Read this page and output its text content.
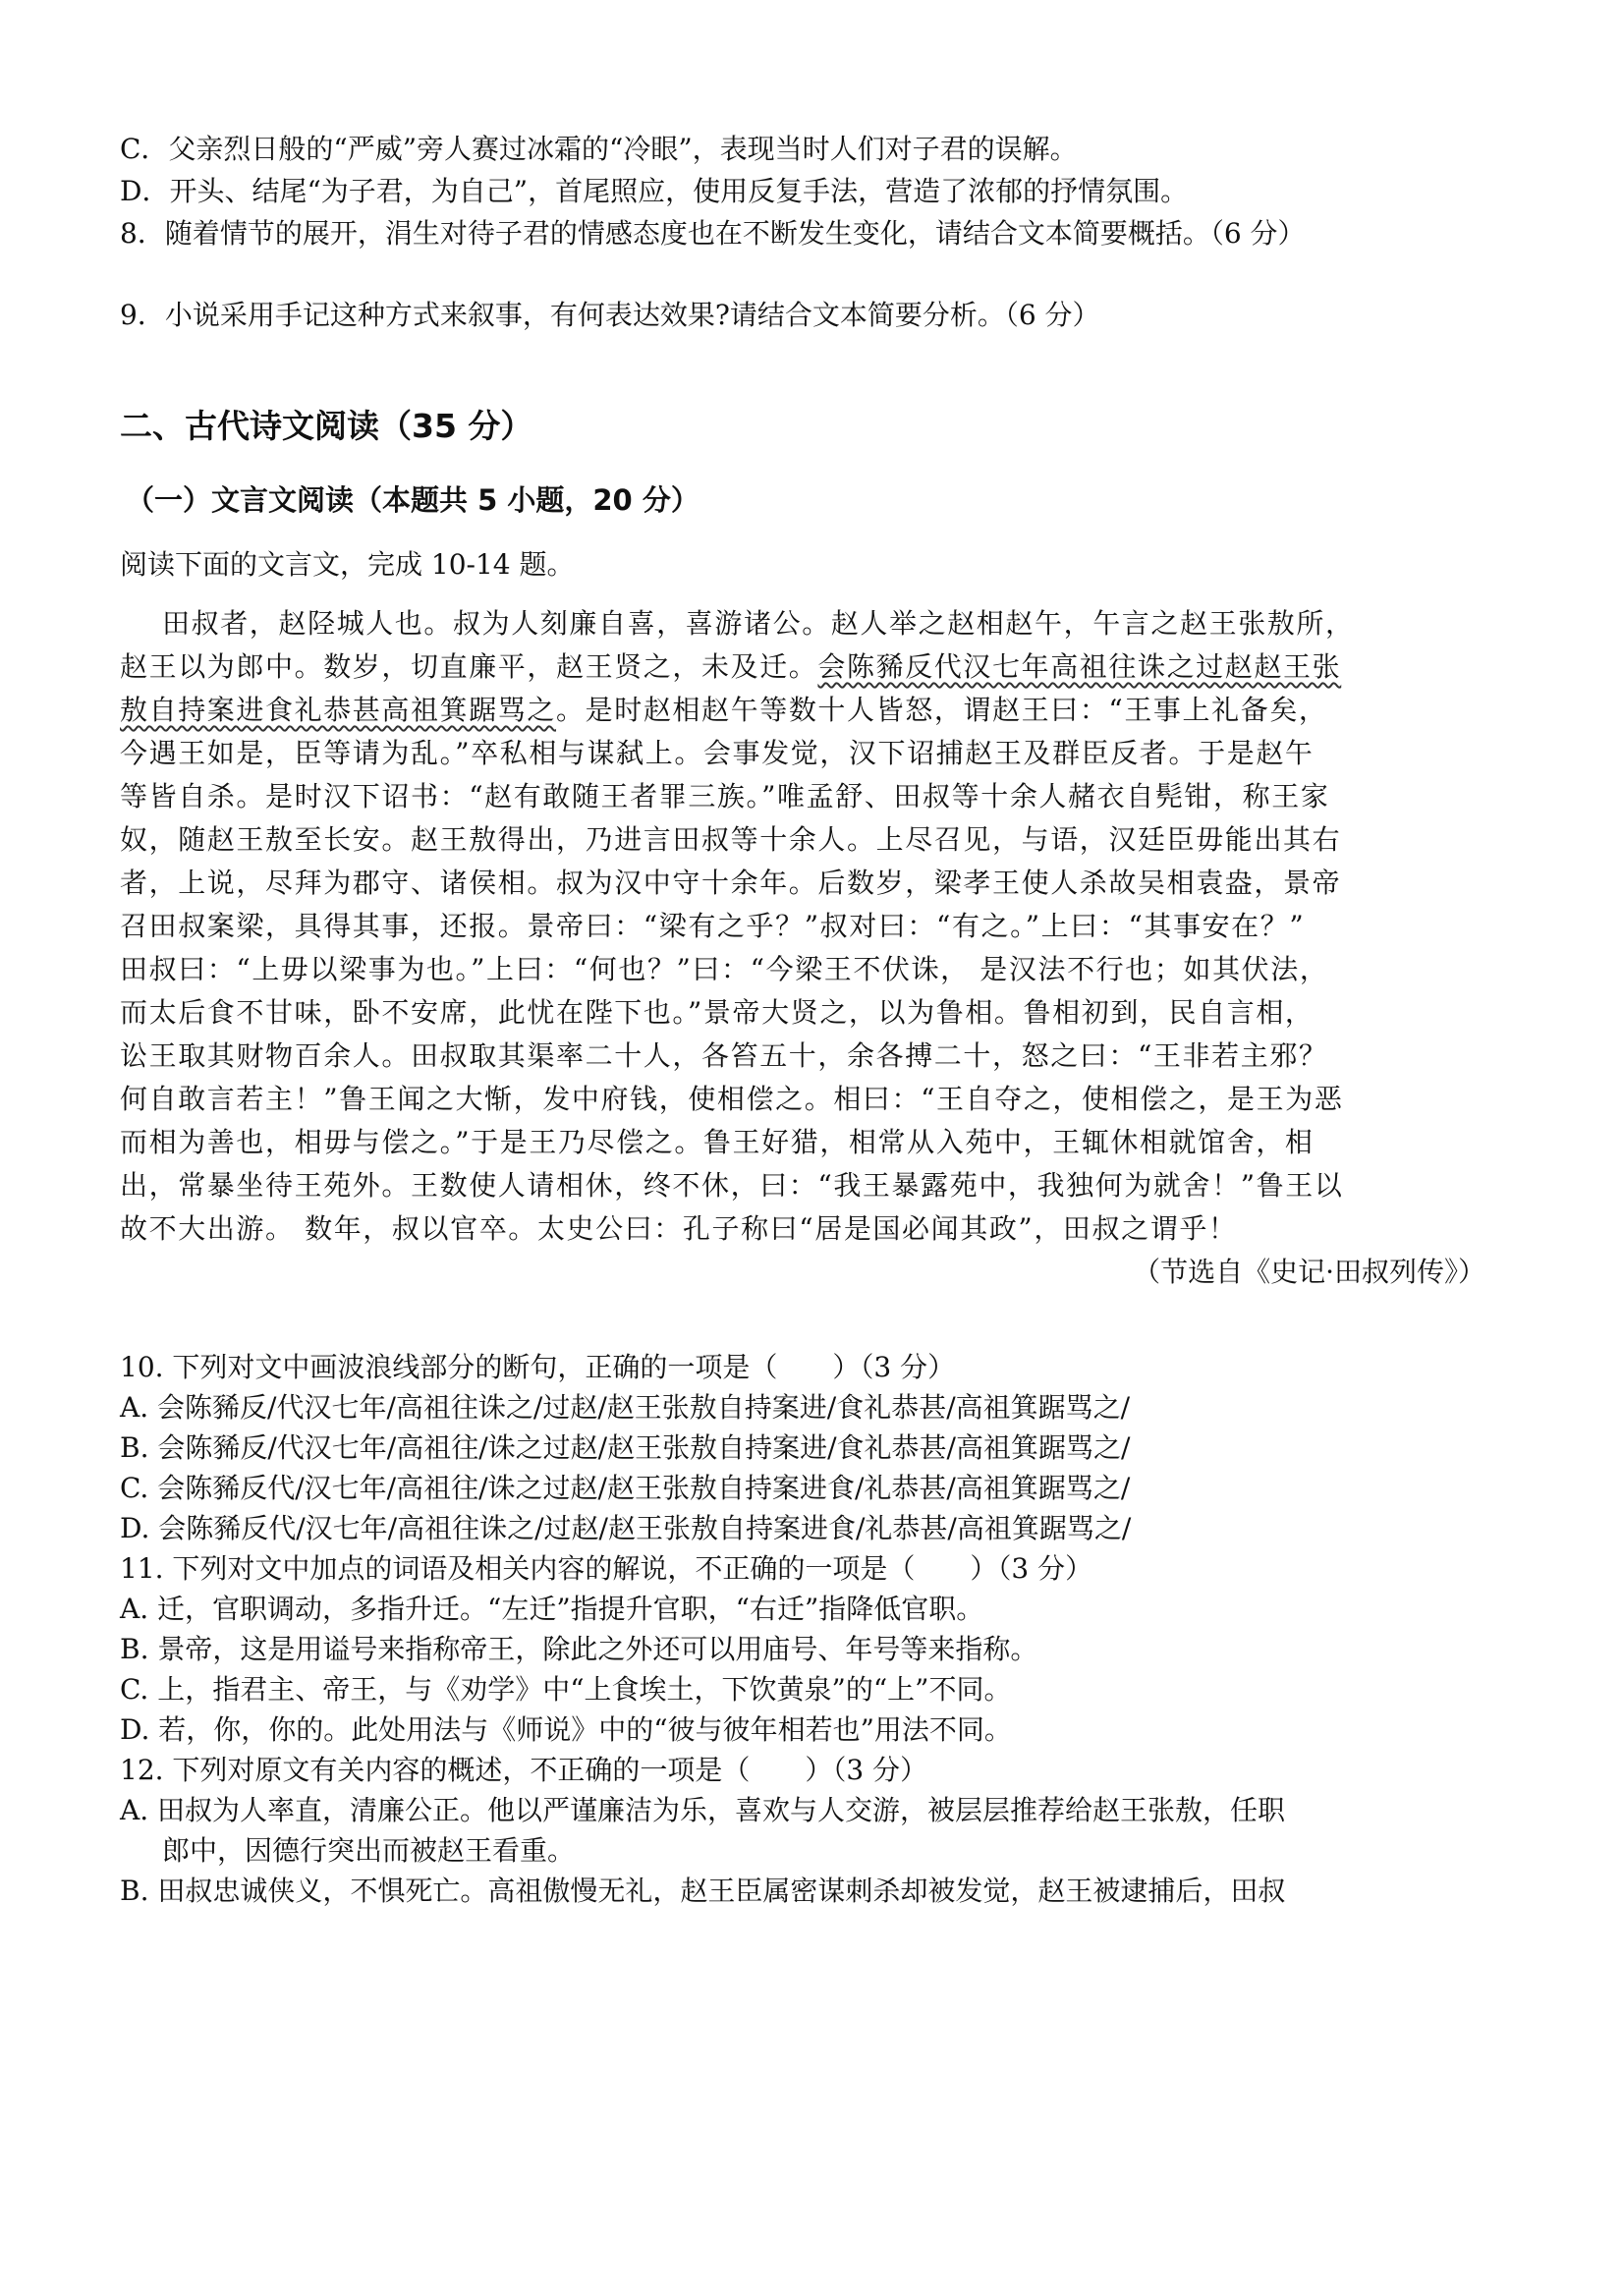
C．父亲烈日般的“严威”旁人赛过冰霜的“冷眼”，表现当时人们对子君的误解。
D．开头、结尾“为子君，为自己”，首尾照应，使用反复手法，营造了浓郁的抒情氛围。
8．随着情节的展开，涓生对待子君的情感态度也在不断发生变化，请结合文本简要概括。（6 分）
9．小说采用手记这种方式来叙事，有何表达效果?请结合文本简要分析。（6 分）
二、古代诗文阅读（35 分）
（一）文言文阅读（本题共 5 小题，20 分）
阅读下面的文言文，完成 10-14 题。
田叔者，赵陉城人也。叔为人刻廉自喜，喜游诸公。赵人举之赵相赵午，午言之赵王张敖所，
赵王以为郎中。数岁，切直廉平，赵王贤之，未及迁。会陈豨反代汉七年高祖往诛之过赵赵王张
敖自持案进食礼恭甚高祖箕踞骂之。是时赵相赵午等数十人皆怒，谓赵王曰：“王事上礼备矣，
今遇王如是，臣等请为乱。”卒私相与谋弑上。会事发觉，汉下诏捕赵王及群臣反者。于是赵午
等皆自杀。是时汉下诏书：“赵有敢随王者罪三族。”唯孟舒、田叔等十余人赭衣自髡钳，称王家
奴，随赵王敖至长安。赵王敖得出，乃进言田叔等十余人。上尽召见，与语，汉廷臣毋能出其右
者，上说，尽拜为郡守、诸侯相。叔为汉中守十余年。后数岁，梁孝王使人杀故吴相袁盎，景帝
召田叔案梁，具得其事，还报。景帝曰：“梁有之乎？”叔对曰：“有之。”上曰：“其事安在？”
田叔曰：“上毋以梁事为也。”上曰：“何也？”曰：“今梁王不伏诛， 是汉法不行也；如其伏法，
而太后食不甘味，卧不安席，此忧在陛下也。”景帝大贤之，以为鲁相。鲁相初到，民自言相，
讼王取其财物百余人。田叔取其渠率二十人，各笞五十，余各搏二十，怒之曰：“王非若主邪？
何自敢言若主！”鲁王闻之大惭，发中府钱，使相偿之。相曰：“王自夺之，使相偿之，是王为恶
而相为善也，相毋与偿之。”于是王乃尽偿之。鲁王好猎，相常从入苑中，王辄休相就馆舍，相
出，常暴坐待王苑外。王数使人请相休，终不休，曰：“我王暴露苑中，我独何为就舍！”鲁王以
故不大出游。 数年，叔以官卒。太史公曰：孔子称曰“居是国必闻其政”，田叔之谓乎！
（节选自《史记·田叔列传》）
10. 下列对文中画波浪线部分的断句，正确的一项是（　　）（3 分）
A. 会陈豨反/代汉七年/高祖往诛之/过赵/赵王张敖自持案进/食礼恭甚/高祖箕踞骂之/
B. 会陈豨反/代汉七年/高祖往/诛之过赵/赵王张敖自持案进/食礼恭甚/高祖箕踞骂之/
C. 会陈豨反代/汉七年/高祖往/诛之过赵/赵王张敖自持案进食/礼恭甚/高祖箕踞骂之/
D. 会陈豨反代/汉七年/高祖往诛之/过赵/赵王张敖自持案进食/礼恭甚/高祖箕踞骂之/
11. 下列对文中加点的词语及相关内容的解说，不正确的一项是（　　）（3 分）
A. 迁，官职调动，多指升迁。“左迁”指提升官职，“右迁”指降低官职。
B. 景帝，这是用谥号来指称帝王，除此之外还可以用庙号、年号等来指称。
C. 上，指君主、帝王，与《劝学》中“上食埃土，下饮黄泉”的“上”不同。
D. 若，你，你的。此处用法与《师说》中的“彼与彼年相若也”用法不同。
12. 下列对原文有关内容的概述，不正确的一项是（　　）（3 分）
A. 田叔为人率直，清廉公正。他以严谨廉洁为乐，喜欢与人交游，被层层推荐给赵王张敖，任职
郎中，因德行突出而被赵王看重。
B. 田叔忠诚侠义，不惧死亡。高祖傲慢无礼，赵王臣属密谋刺杀却被发觉，赵王被逮捕后，田叔
